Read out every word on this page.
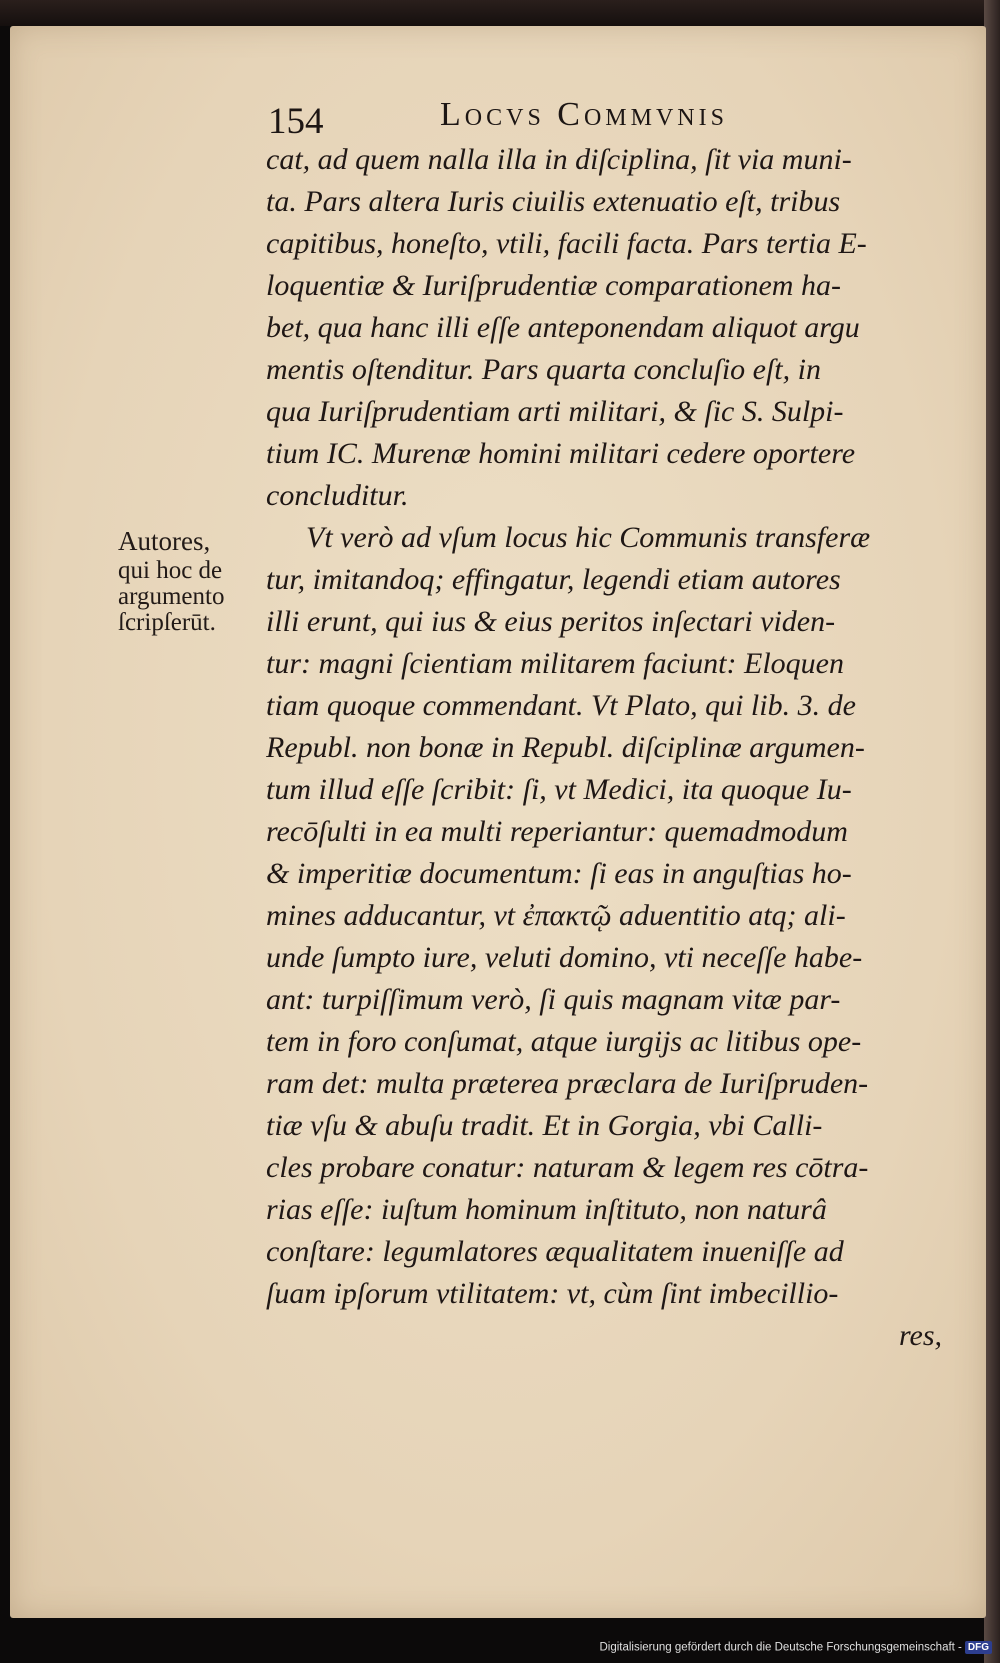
154	Locvs Commvnis
Autores,
qui hoc de
argumento
ſcripſerūt.
cat, ad quem nalla illa in diſciplina, ſit via muni-
ta. Pars altera Iuris ciuilis extenuatio eſt, tribus
capitibus, honeſto, vtili, facili facta. Pars tertia E-
loquentiæ & Iuriſprudentiæ comparationem ha-
bet, qua hanc illi eſſe anteponendam aliquot argu
mentis oſtenditur. Pars quarta concluſio eſt, in
qua Iuriſprudentiam arti militari, & ſic S. Sulpi-
tium IC. Murenæ homini militari cedere oportere
concluditur.
Vt verò ad vſum locus hic Communis transferæ
tur, imitandoq; effingatur, legendi etiam autores
illi erunt, qui ius & eius peritos inſectari viden-
tur: magni ſcientiam militarem faciunt: Eloquen
tiam quoque commendant. Vt Plato, qui lib. 3. de
Republ. non bonæ in Republ. diſciplinæ argumen-
tum illud eſſe ſcribit: ſi, vt Medici, ita quoque Iu-
recōſulti in ea multi reperiantur: quemadmodum
& imperitiæ documentum: ſi eas in anguſtias ho-
mines adducantur, vt ἐπακτῷ aduentitio atq; ali-
unde ſumpto iure, veluti domino, vti neceſſe habe-
ant: turpiſſimum verò, ſi quis magnam vitæ par-
tem in foro conſumat, atque iurgijs ac litibus ope-
ram det: multa præterea præclara de Iuriſpruden-
tiæ vſu & abuſu tradit. Et in Gorgia, vbi Calli-
cles probare conatur: naturam & legem res cōtra-
rias eſſe: iuſtum hominum inſtituto, non naturâ
conſtare: legumlatores æqualitatem inueniſſe ad
ſuam ipſorum vtilitatem: vt, cùm ſint imbecillio-
res,
Digitalisierung gefördert durch die Deutsche Forschungsgemeinschaft - DFG
